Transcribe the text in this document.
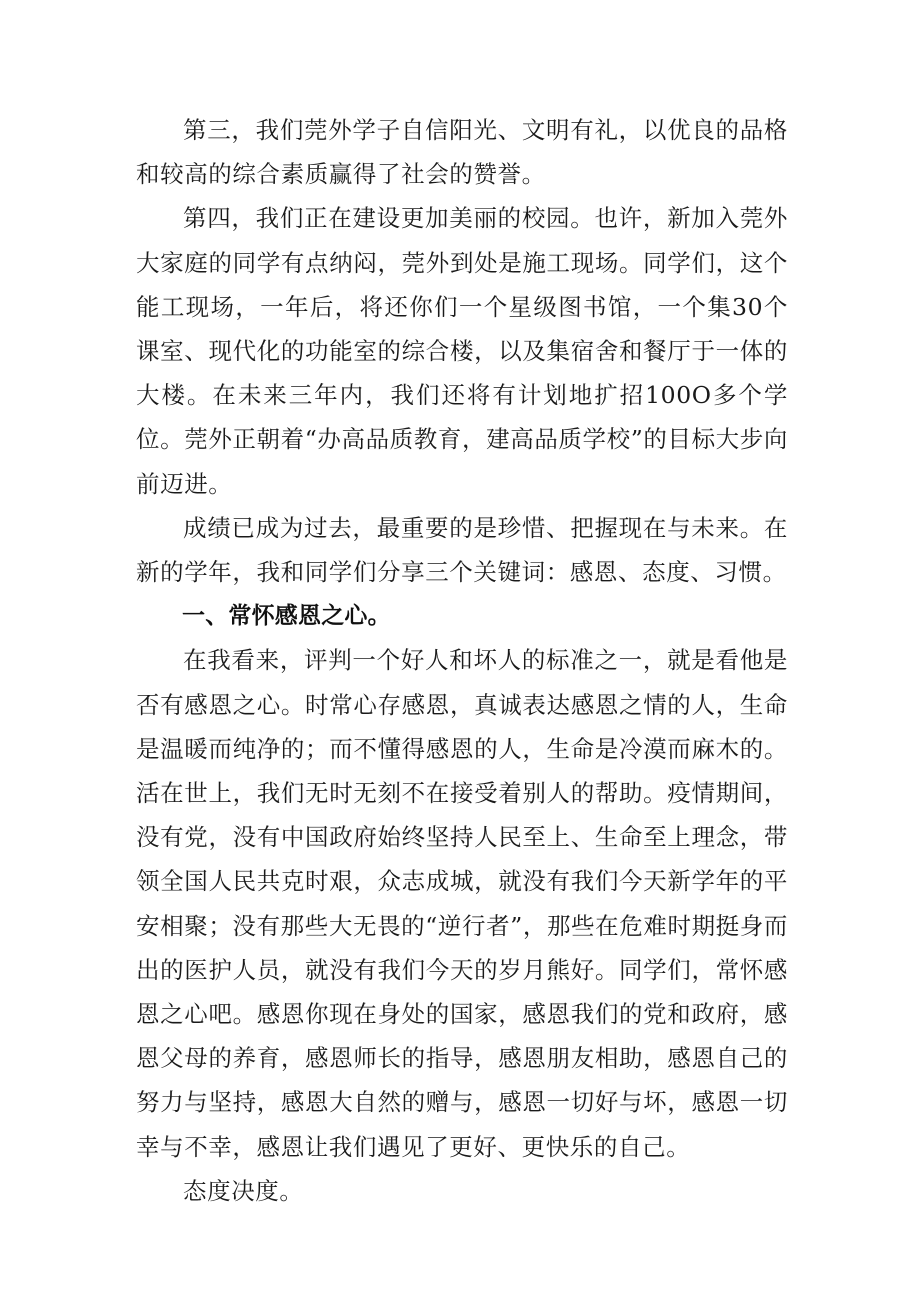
第三，我们莞外学子自信阳光、文明有礼，以优良的品格和较高的综合素质赢得了社会的赞誉。

第四，我们正在建设更加美丽的校园。也许，新加入莞外大家庭的同学有点纳闷，莞外到处是施工现场。同学们，这个能工现场，一年后，将还你们一个星级图书馆，一个集30个课室、现代化的功能室的综合楼，以及集宿舍和餐厅于一体的大楼。在未来三年内，我们还将有计划地扩招100O多个学位。莞外正朝着“办高品质教育，建高品质学校”的目标大步向前迈进。

成绩已成为过去，最重要的是珍惜、把握现在与未来。在新的学年，我和同学们分享三个关键词：感恩、态度、习惯。

一、常怀感恩之心。

在我看来，评判一个好人和坏人的标准之一，就是看他是否有感恩之心。时常心存感恩，真诚表达感恩之情的人，生命是温暖而纯净的；而不懂得感恩的人，生命是冷漠而麻木的。活在世上，我们无时无刻不在接受着别人的帮助。疫情期间，没有党，没有中国政府始终坚持人民至上、生命至上理念，带领全国人民共克时艰，众志成城，就没有我们今天新学年的平安相聚；没有那些大无畏的“逆行者”，那些在危难时期挺身而出的医护人员，就没有我们今天的岁月熊好。同学们，常怀感恩之心吧。感恩你现在身处的国家，感恩我们的党和政府，感恩父母的养育，感恩师长的指导，感恩朋友相助，感恩自己的努力与坚持，感恩大自然的赠与，感恩一切好与坏，感恩一切幸与不幸，感恩让我们遇见了更好、更快乐的自己。

态度决度。
